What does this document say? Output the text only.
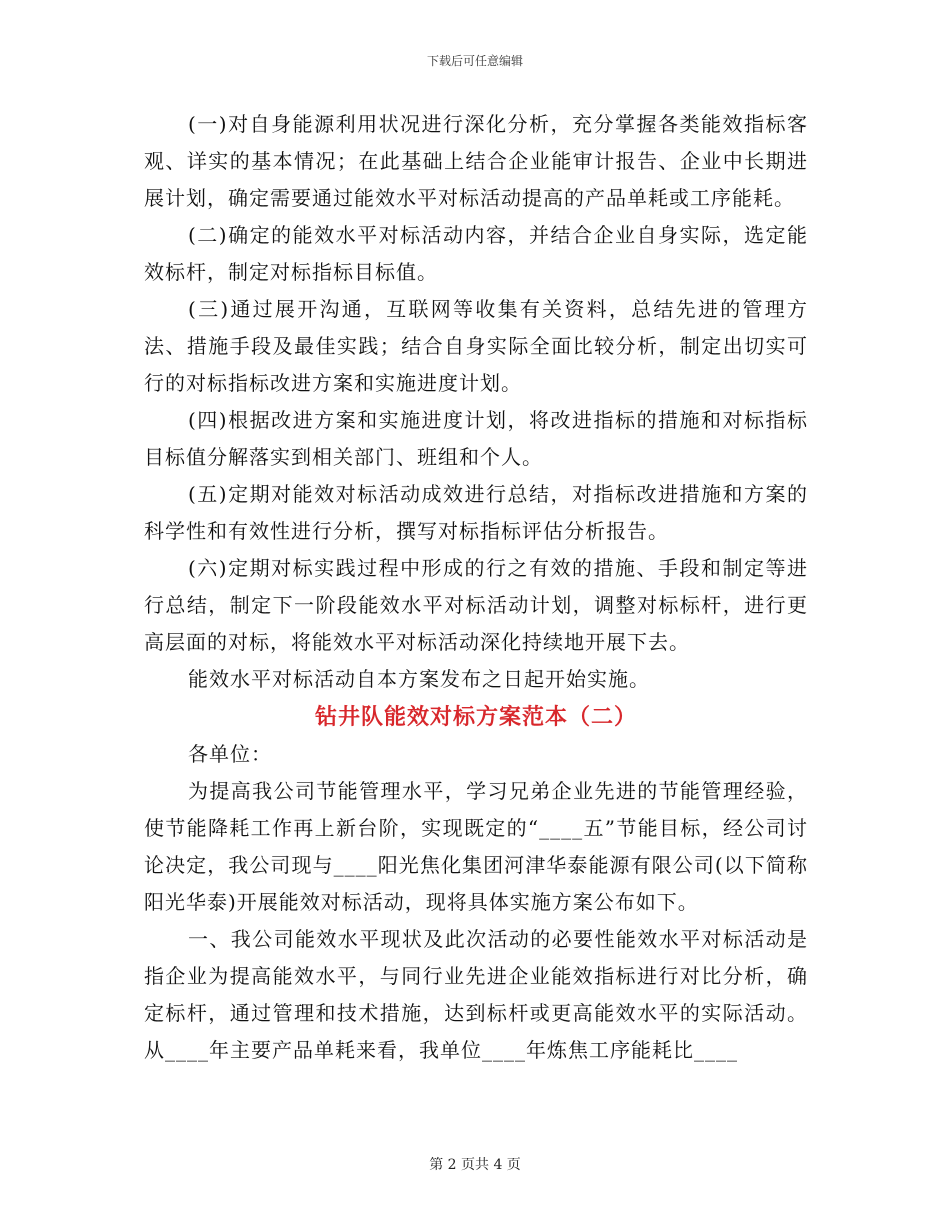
下载后可任意编辑

(一)对自身能源利用状况进行深化分析，充分掌握各类能效指标客观、详实的基本情况；在此基础上结合企业能审计报告、企业中长期进展计划，确定需要通过能效水平对标活动提高的产品单耗或工序能耗。

(二)确定的能效水平对标活动内容，并结合企业自身实际，选定能效标杆，制定对标指标目标值。

(三)通过展开沟通，互联网等收集有关资料，总结先进的管理方法、措施手段及最佳实践；结合自身实际全面比较分析，制定出切实可行的对标指标改进方案和实施进度计划。

(四)根据改进方案和实施进度计划，将改进指标的措施和对标指标目标值分解落实到相关部门、班组和个人。

(五)定期对能效对标活动成效进行总结，对指标改进措施和方案的科学性和有效性进行分析，撰写对标指标评估分析报告。

(六)定期对标实践过程中形成的行之有效的措施、手段和制定等进行总结，制定下一阶段能效水平对标活动计划，调整对标标杆，进行更高层面的对标，将能效水平对标活动深化持续地开展下去。

能效水平对标活动自本方案发布之日起开始实施。

钻井队能效对标方案范本（二）

各单位：

为提高我公司节能管理水平，学习兄弟企业先进的节能管理经验，使节能降耗工作再上新台阶，实现既定的“____五”节能目标，经公司讨论决定，我公司现与____阳光焦化集团河津华泰能源有限公司(以下简称阳光华泰)开展能效对标活动，现将具体实施方案公布如下。

一、我公司能效水平现状及此次活动的必要性能效水平对标活动是指企业为提高能效水平，与同行业先进企业能效指标进行对比分析，确定标杆，通过管理和技术措施，达到标杆或更高能效水平的实际活动。从____年主要产品单耗来看，我单位____年炼焦工序能耗比____

第 2 页共 4 页
